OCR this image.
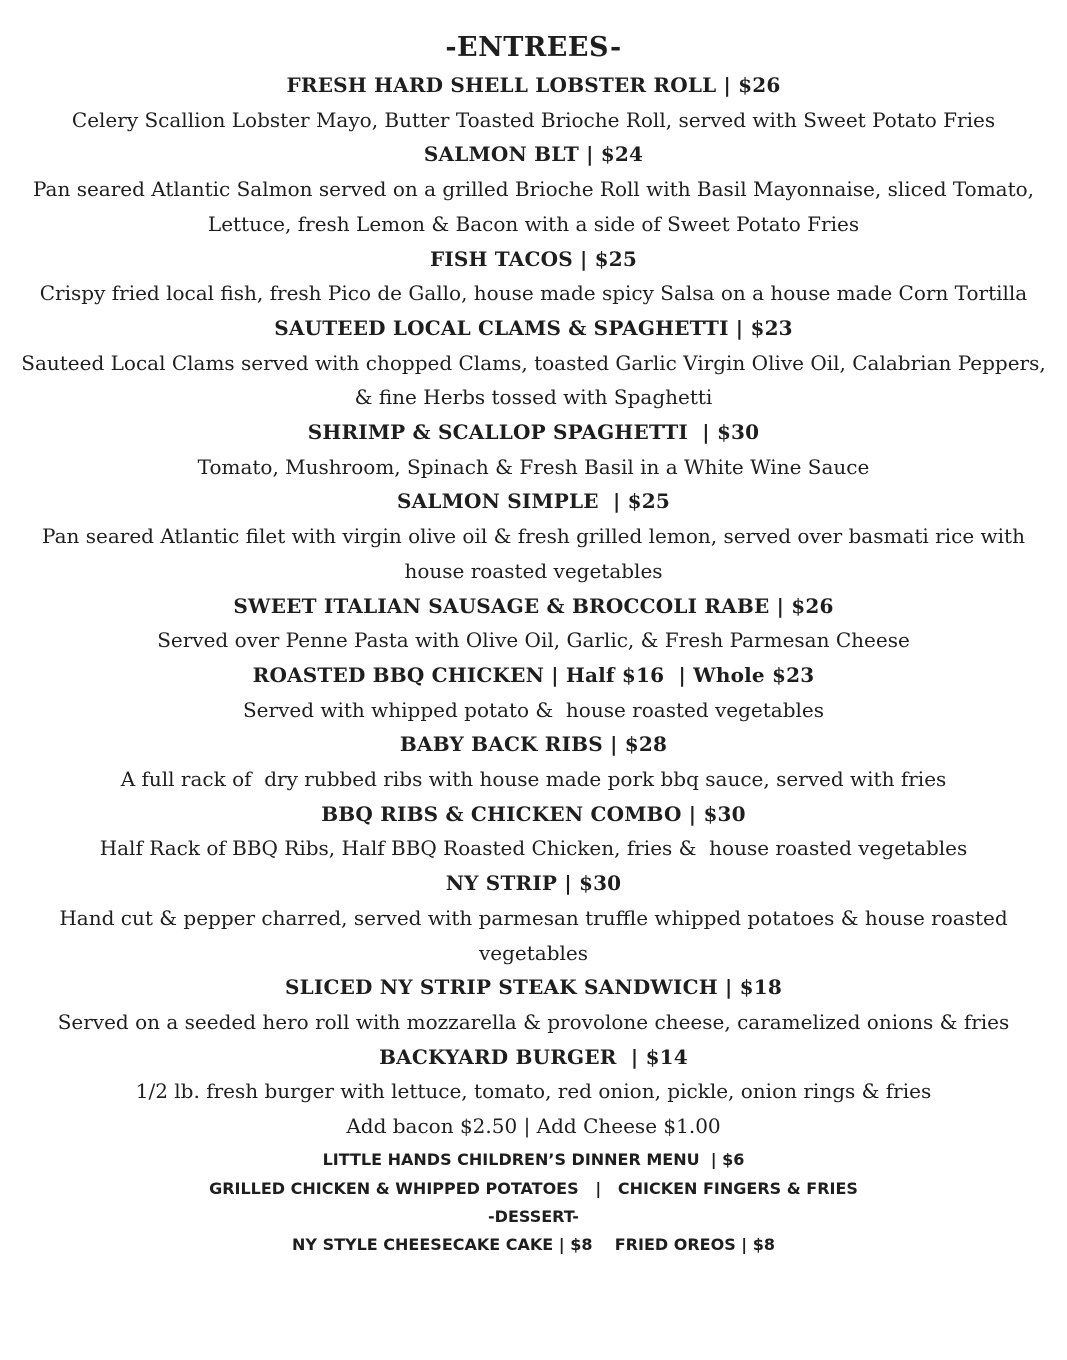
-ENTREES-
FRESH HARD SHELL LOBSTER ROLL | $26
Celery Scallion Lobster Mayo, Butter Toasted Brioche Roll, served with Sweet Potato Fries
SALMON BLT | $24
Pan seared Atlantic Salmon served on a grilled Brioche Roll with Basil Mayonnaise, sliced Tomato, Lettuce, fresh Lemon & Bacon with a side of Sweet Potato Fries
FISH TACOS | $25
Crispy fried local fish, fresh Pico de Gallo, house made spicy Salsa on a house made Corn Tortilla
SAUTEED LOCAL CLAMS & SPAGHETTI | $23
Sauteed Local Clams served with chopped Clams, toasted Garlic Virgin Olive Oil, Calabrian Peppers, & fine Herbs tossed with Spaghetti
SHRIMP & SCALLOP SPAGHETTI  | $30
Tomato, Mushroom, Spinach & Fresh Basil in a White Wine Sauce
SALMON SIMPLE  | $25
Pan seared Atlantic filet with virgin olive oil & fresh grilled lemon, served over basmati rice with house roasted vegetables
SWEET ITALIAN SAUSAGE & BROCCOLI RABE | $26
Served over Penne Pasta with Olive Oil, Garlic, & Fresh Parmesan Cheese
ROASTED BBQ CHICKEN | Half $16  | Whole $23
Served with whipped potato &  house roasted vegetables
BABY BACK RIBS | $28
A full rack of  dry rubbed ribs with house made pork bbq sauce, served with fries
BBQ RIBS & CHICKEN COMBO | $30
Half Rack of BBQ Ribs, Half BBQ Roasted Chicken, fries &  house roasted vegetables
NY STRIP | $30
Hand cut & pepper charred, served with parmesan truffle whipped potatoes & house roasted vegetables
SLICED NY STRIP STEAK SANDWICH | $18
Served on a seeded hero roll with mozzarella & provolone cheese, caramelized onions & fries
BACKYARD BURGER  | $14
1/2 lb. fresh burger with lettuce, tomato, red onion, pickle, onion rings & fries
Add bacon $2.50 | Add Cheese $1.00
LITTLE HANDS CHILDREN’S DINNER MENU  | $6
GRILLED CHICKEN & WHIPPED POTATOES   |   CHICKEN FINGERS & FRIES
-DESSERT-
NY STYLE CHEESECAKE CAKE | $8    FRIED OREOS | $8
